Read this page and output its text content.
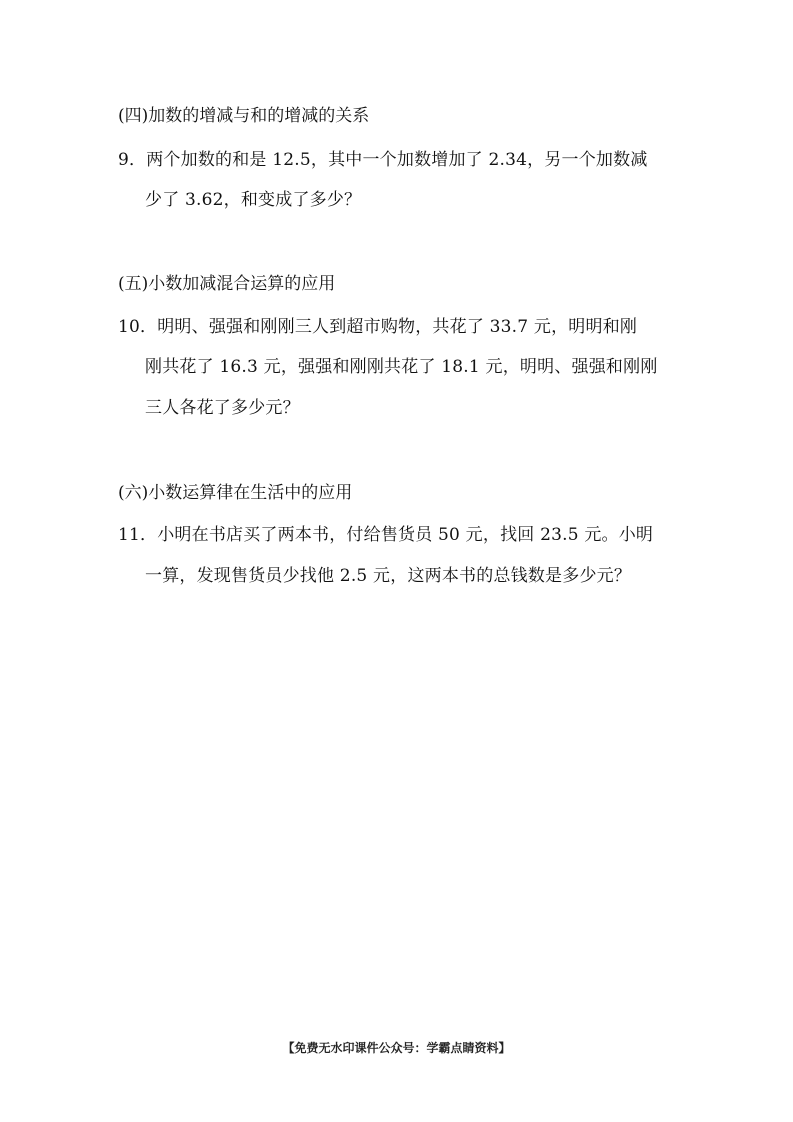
(四)加数的增减与和的增减的关系
9．两个加数的和是 12.5，其中一个加数增加了 2.34，另一个加数减
少了 3.62，和变成了多少？
(五)小数加减混合运算的应用
10．明明、强强和刚刚三人到超市购物，共花了 33.7 元，明明和刚
刚共花了 16.3 元，强强和刚刚共花了 18.1 元，明明、强强和刚刚
三人各花了多少元？
(六)小数运算律在生活中的应用
11．小明在书店买了两本书，付给售货员 50 元，找回 23.5 元。小明
一算，发现售货员少找他 2.5 元，这两本书的总钱数是多少元？
【免费无水印课件公众号：学霸点睛资料】
